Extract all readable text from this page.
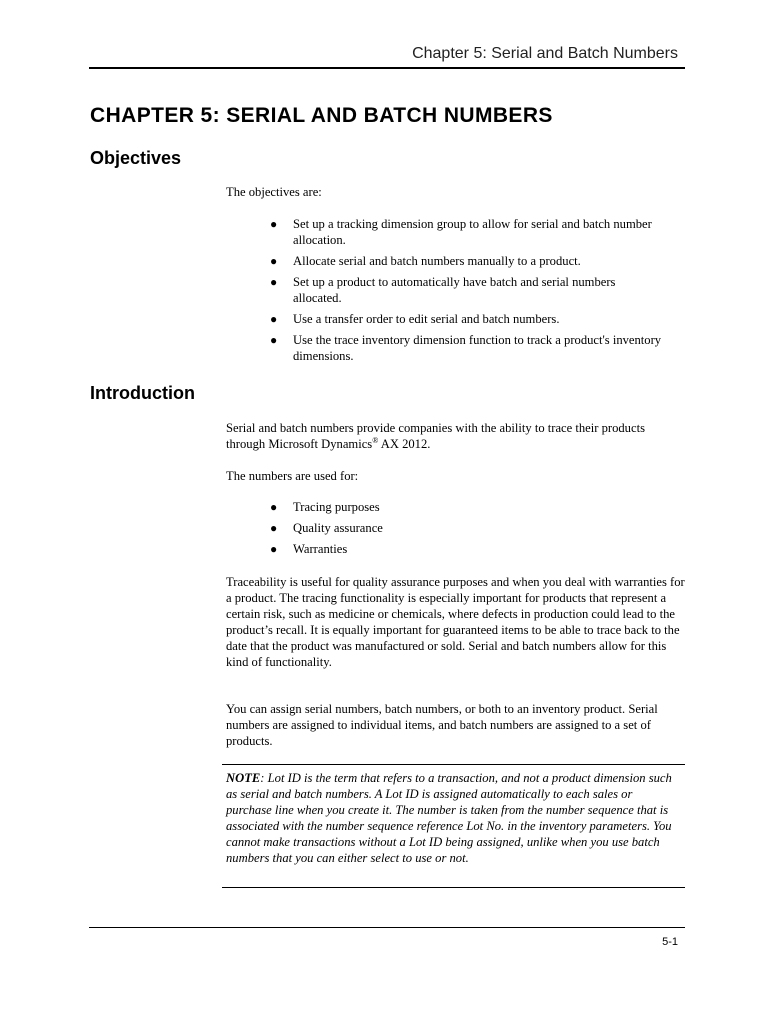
Chapter 5: Serial and Batch Numbers
CHAPTER 5: SERIAL AND BATCH NUMBERS
Objectives

The objectives are:

● Set up a tracking dimension group to allow for serial and batch number allocation.
● Allocate serial and batch numbers manually to a product.
● Set up a product to automatically have batch and serial numbers allocated.
● Use a transfer order to edit serial and batch numbers.
● Use the trace inventory dimension function to track a product's inventory dimensions.
Introduction

Serial and batch numbers provide companies with the ability to trace their products through Microsoft Dynamics® AX 2012.

The numbers are used for:

● Tracing purposes
● Quality assurance
● Warranties

Traceability is useful for quality assurance purposes and when you deal with warranties for a product. The tracing functionality is especially important for products that represent a certain risk, such as medicine or chemicals, where defects in production could lead to the product’s recall. It is equally important for guaranteed items to be able to trace back to the date that the product was manufactured or sold. Serial and batch numbers allow for this kind of functionality.

You can assign serial numbers, batch numbers, or both to an inventory product. Serial numbers are assigned to individual items, and batch numbers are assigned to a set of products.

NOTE: Lot ID is the term that refers to a transaction, and not a product dimension such as serial and batch numbers. A Lot ID is assigned automatically to each sales or purchase line when you create it. The number is taken from the number sequence that is associated with the number sequence reference Lot No. in the inventory parameters. You cannot make transactions without a Lot ID being assigned, unlike when you use batch numbers that you can either select to use or not.

5-1
